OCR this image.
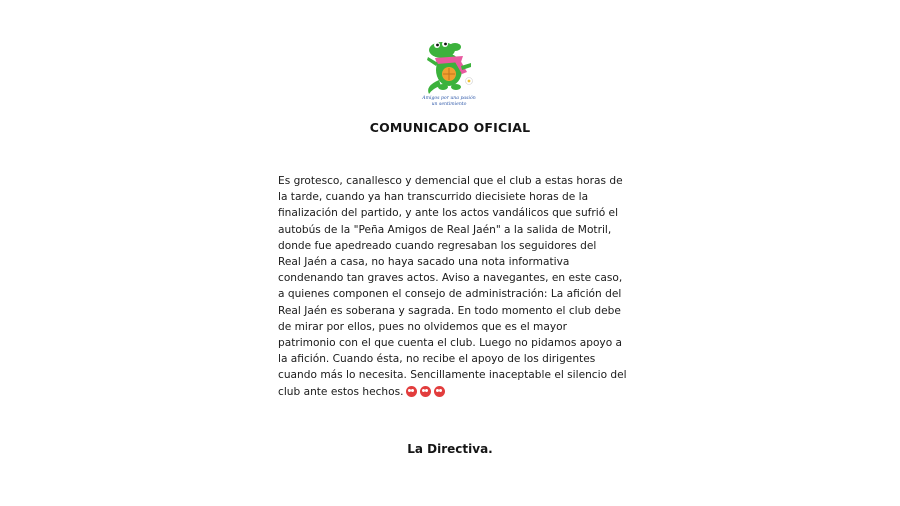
Amigos por una pasión
un sentimiento
COMUNICADO OFICIAL
Es grotesco, canallesco y demencial que el club a estas horas de
la tarde, cuando ya han transcurrido diecisiete horas de la
finalización del partido, y ante los actos vandálicos que sufrió el
autobús de la "Peña Amigos de Real Jaén" a la salida de Motril,
donde fue apedreado cuando regresaban los seguidores del
Real Jaén a casa, no haya sacado una nota informativa
condenando tan graves actos. Aviso a navegantes, en este caso,
a quienes componen el consejo de administración: La afición del
Real Jaén es soberana y sagrada. En todo momento el club debe
de mirar por ellos, pues no olvidemos que es el mayor
patrimonio con el que cuenta el club. Luego no pidamos apoyo a
la afición. Cuando ésta, no recibe el apoyo de los dirigentes
cuando más lo necesita. Sencillamente inaceptable el silencio del
club ante estos hechos.
La Directiva.
